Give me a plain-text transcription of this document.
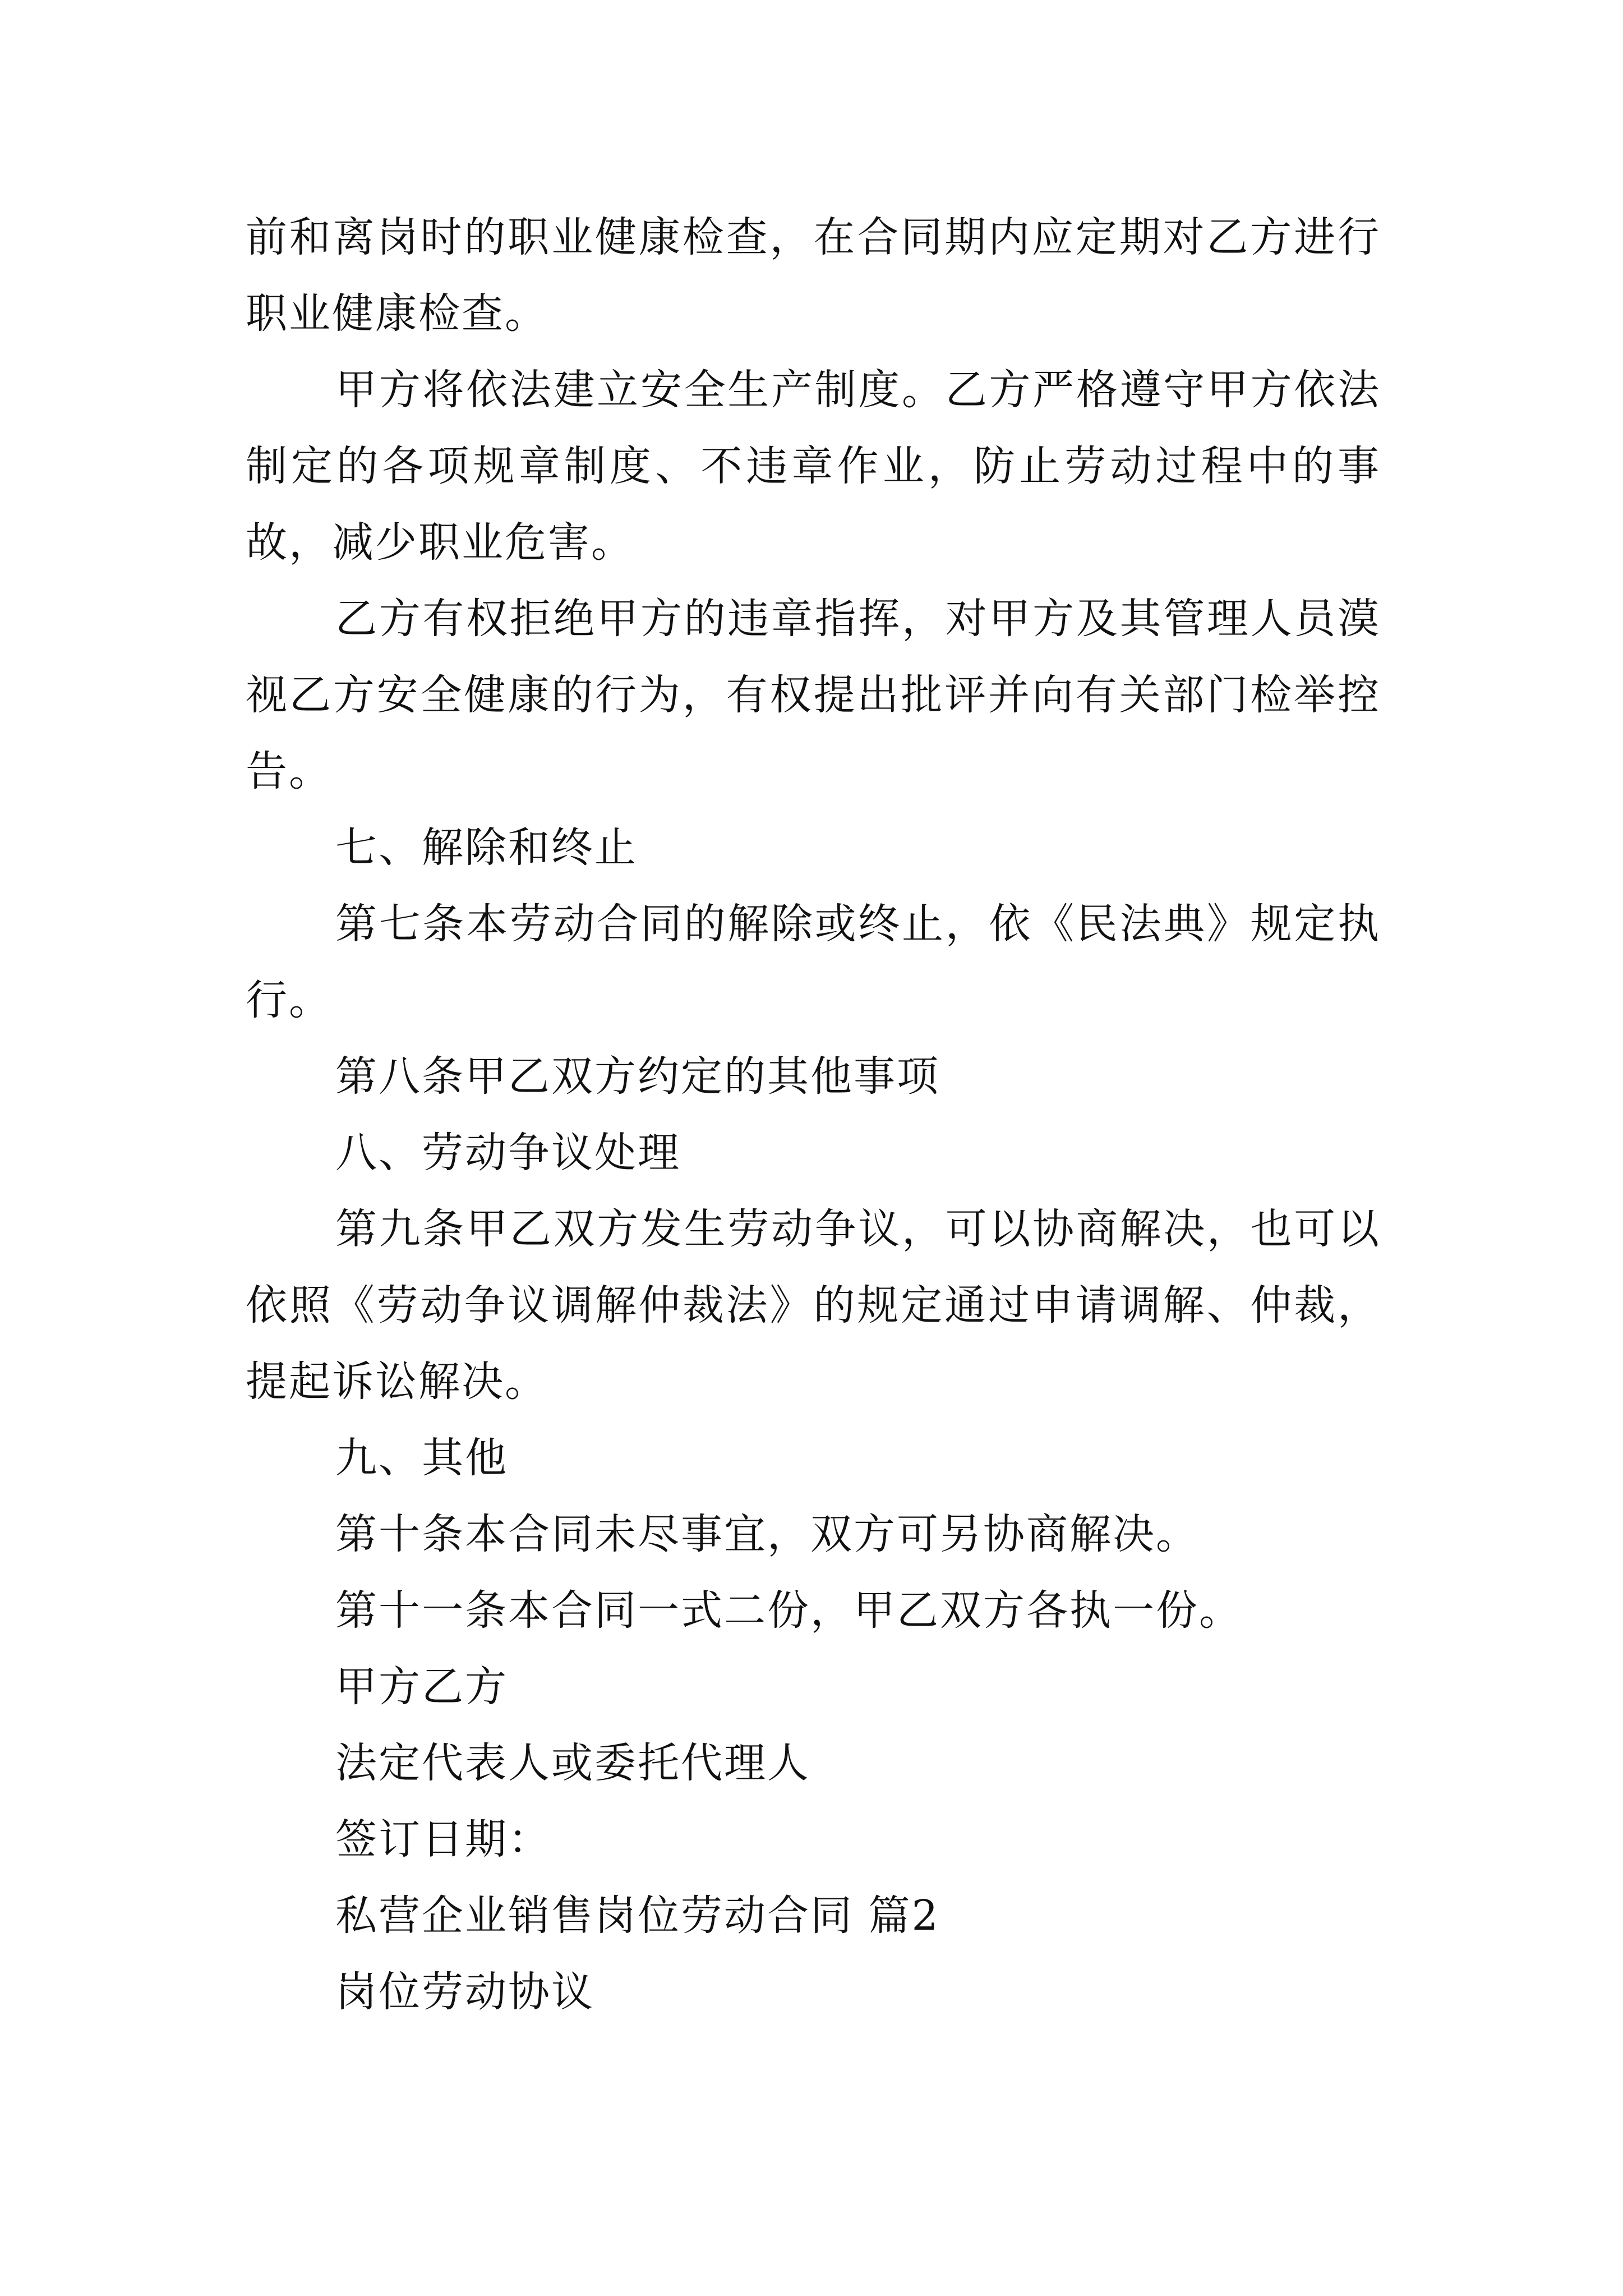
前和离岗时的职业健康检查，在合同期内应定期对乙方进行职业健康检查。

甲方将依法建立安全生产制度。乙方严格遵守甲方依法制定的各项规章制度、不违章作业，防止劳动过程中的事故，减少职业危害。

乙方有权拒绝甲方的违章指挥，对甲方及其管理人员漠视乙方安全健康的行为，有权提出批评并向有关部门检举控告。

七、解除和终止

第七条本劳动合同的解除或终止，依《民法典》规定执行。

第八条甲乙双方约定的其他事项

八、劳动争议处理

第九条甲乙双方发生劳动争议，可以协商解决，也可以依照《劳动争议调解仲裁法》的规定通过申请调解、仲裁，提起诉讼解决。

九、其他

第十条本合同未尽事宜，双方可另协商解决。

第十一条本合同一式二份，甲乙双方各执一份。

甲方乙方

法定代表人或委托代理人

签订日期：

私营企业销售岗位劳动合同 篇2

岗位劳动协议
